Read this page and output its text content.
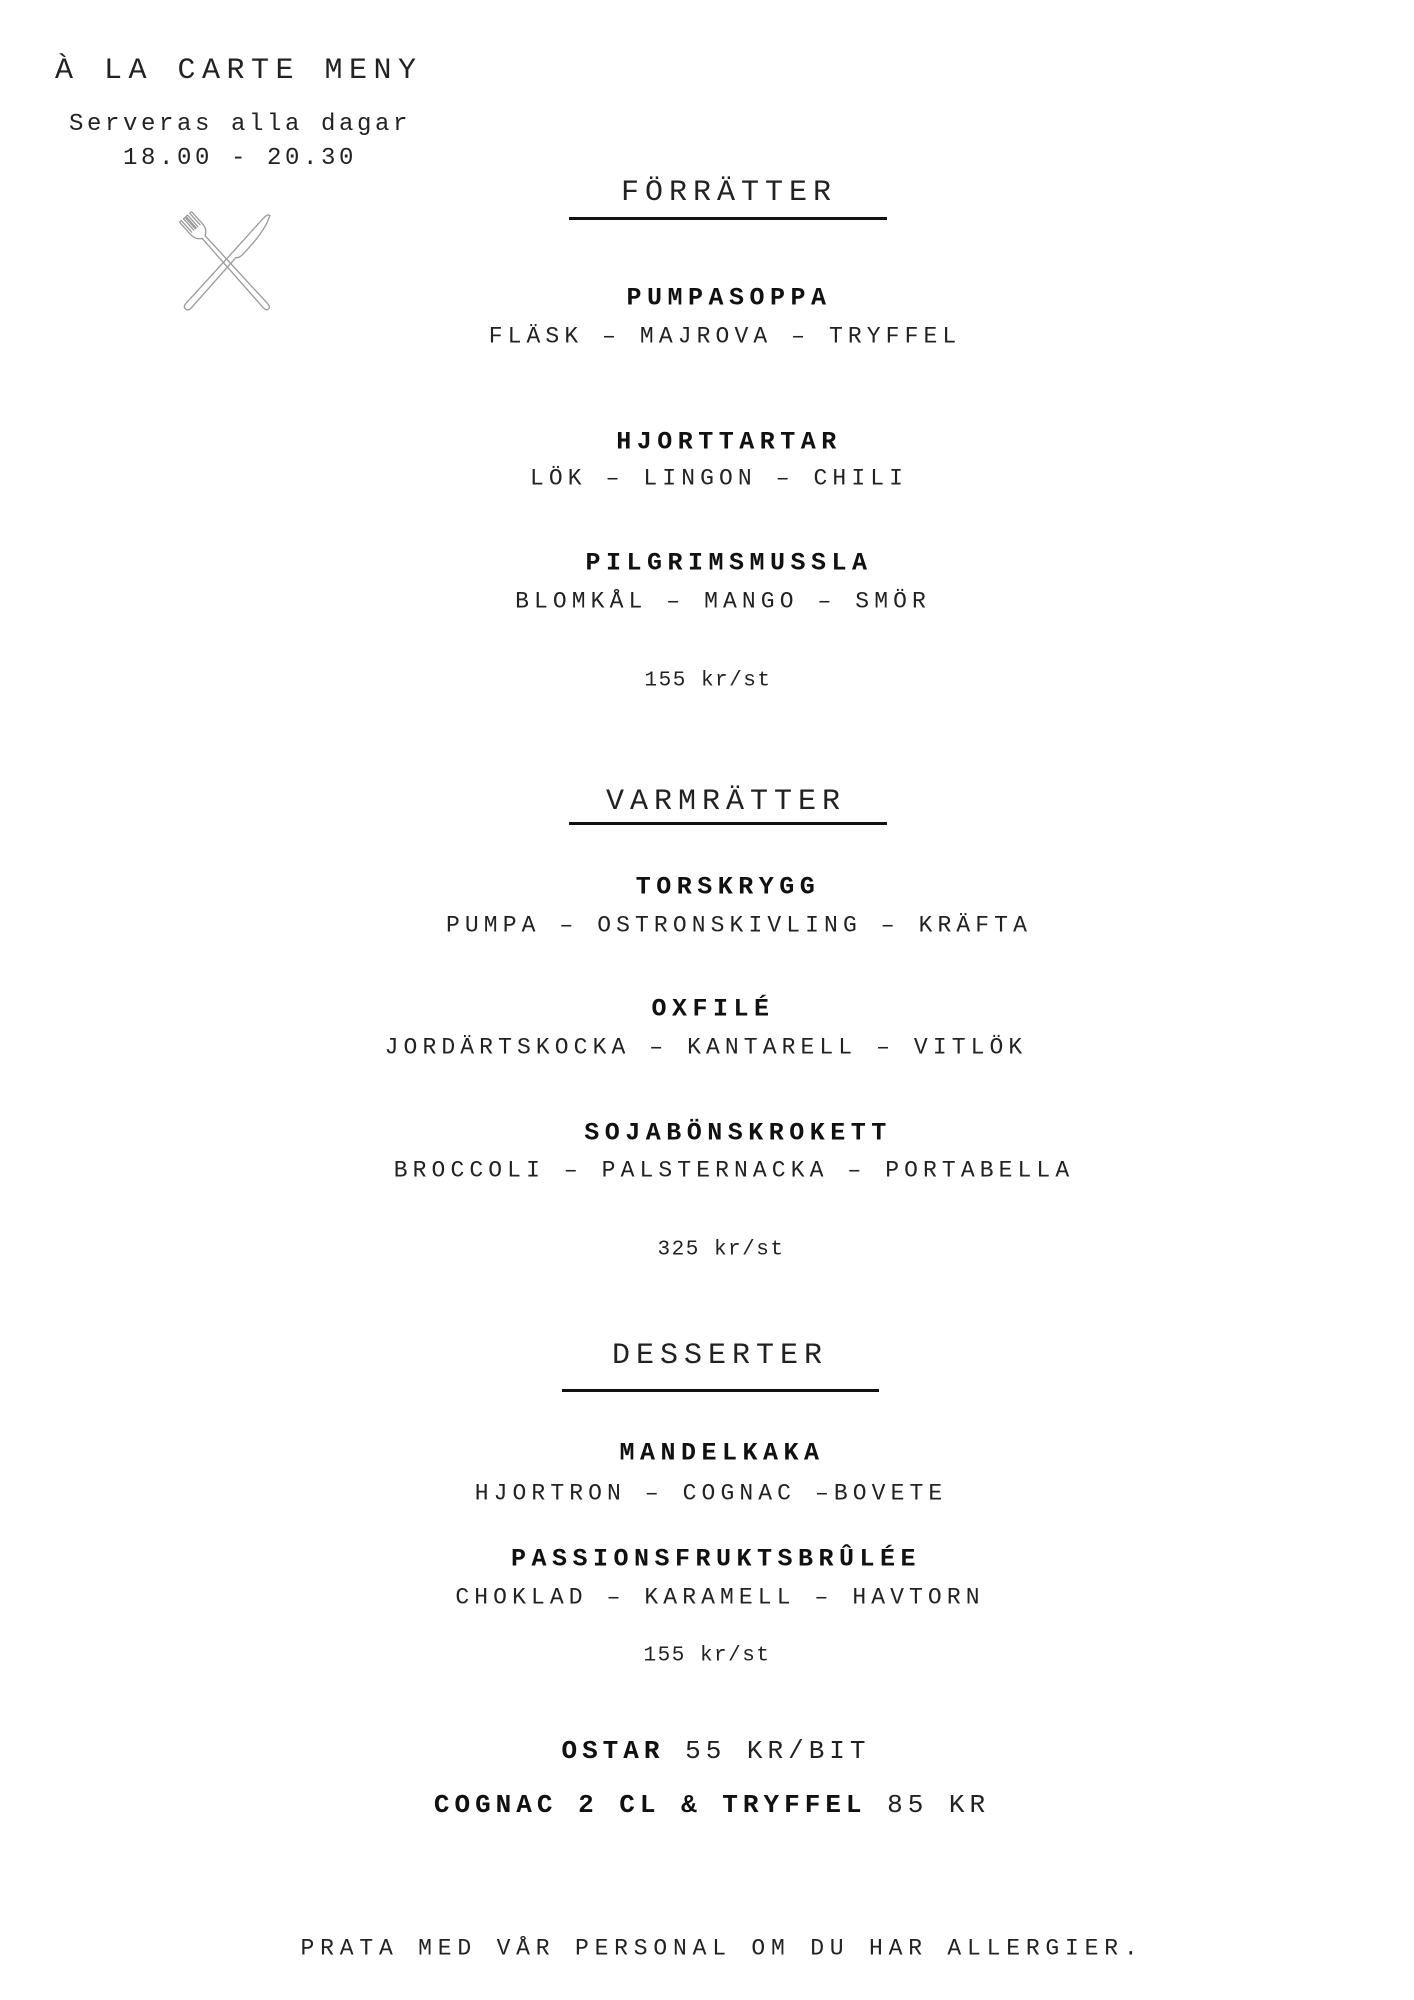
À LA CARTE MENY
Serveras alla dagar
18.00 - 20.30
FÖRRÄTTER
PUMPASOPPA
FLÄSK – MAJROVA – TRYFFEL
HJORTTARTAR
LÖK – LINGON – CHILI
PILGRIMSMUSSLA
BLOMKÅL – MANGO – SMÖR
155 kr/st
VARMRÄTTER
TORSKRYGG
PUMPA – OSTRONSKIVLING – KRÄFTA
OXFILÉ
JORDÄRTSKOCKA – KANTARELL – VITLÖK
SOJABÖNSKROKETT
BROCCOLI – PALSTERNACKA – PORTABELLA
325 kr/st
DESSERTER
MANDELKAKA
HJORTRON – COGNAC –BOVETE
PASSIONSFRUKTSBRÛLÉE
CHOKLAD – KARAMELL – HAVTORN
155 kr/st
OSTAR 55 KR/BIT
COGNAC 2 CL & TRYFFEL 85 KR
PRATA MED VÅR PERSONAL OM DU HAR ALLERGIER.
